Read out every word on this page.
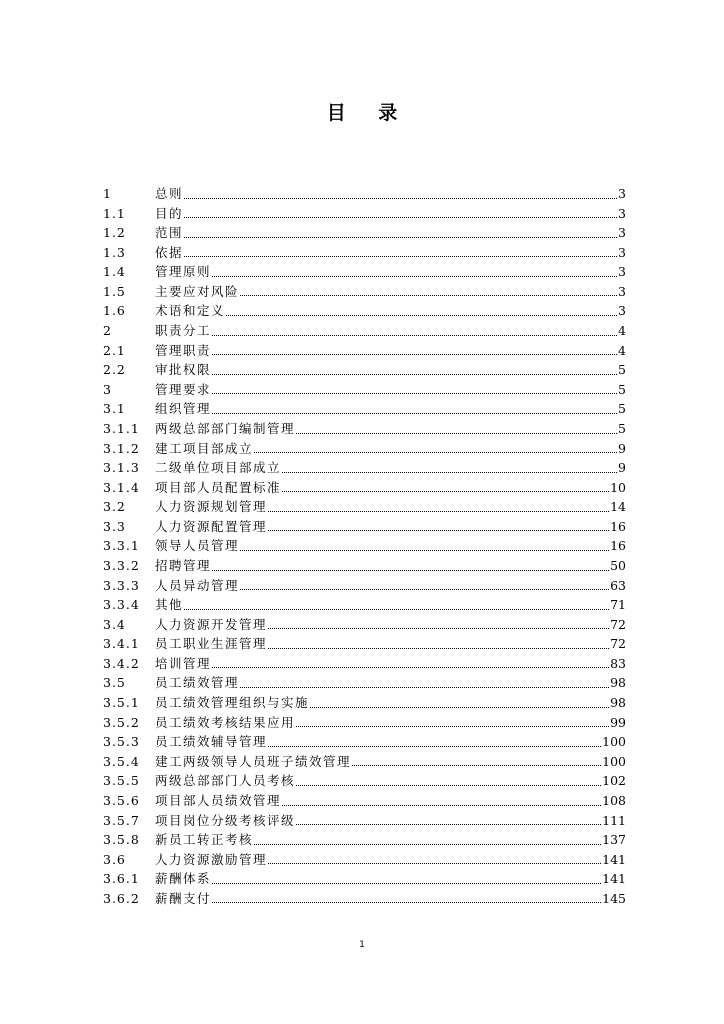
目 录
1	总则	3
1.1	目的	3
1.2	范围	3
1.3	依据	3
1.4	管理原则	3
1.5	主要应对风险	3
1.6	术语和定义	3
2	职责分工	4
2.1	管理职责	4
2.2	审批权限	5
3	管理要求	5
3.1	组织管理	5
3.1.1	两级总部部门编制管理	5
3.1.2	建工项目部成立	9
3.1.3	二级单位项目部成立	9
3.1.4	项目部人员配置标准	10
3.2	人力资源规划管理	14
3.3	人力资源配置管理	16
3.3.1	领导人员管理	16
3.3.2	招聘管理	50
3.3.3	人员异动管理	63
3.3.4	其他	71
3.4	人力资源开发管理	72
3.4.1	员工职业生涯管理	72
3.4.2	培训管理	83
3.5	员工绩效管理	98
3.5.1	员工绩效管理组织与实施	98
3.5.2	员工绩效考核结果应用	99
3.5.3	员工绩效辅导管理	100
3.5.4	建工两级领导人员班子绩效管理	100
3.5.5	两级总部部门人员考核	102
3.5.6	项目部人员绩效管理	108
3.5.7	项目岗位分级考核评级	111
3.5.8	新员工转正考核	137
3.6	人力资源激励管理	141
3.6.1	薪酬体系	141
3.6.2	薪酬支付	145
1
